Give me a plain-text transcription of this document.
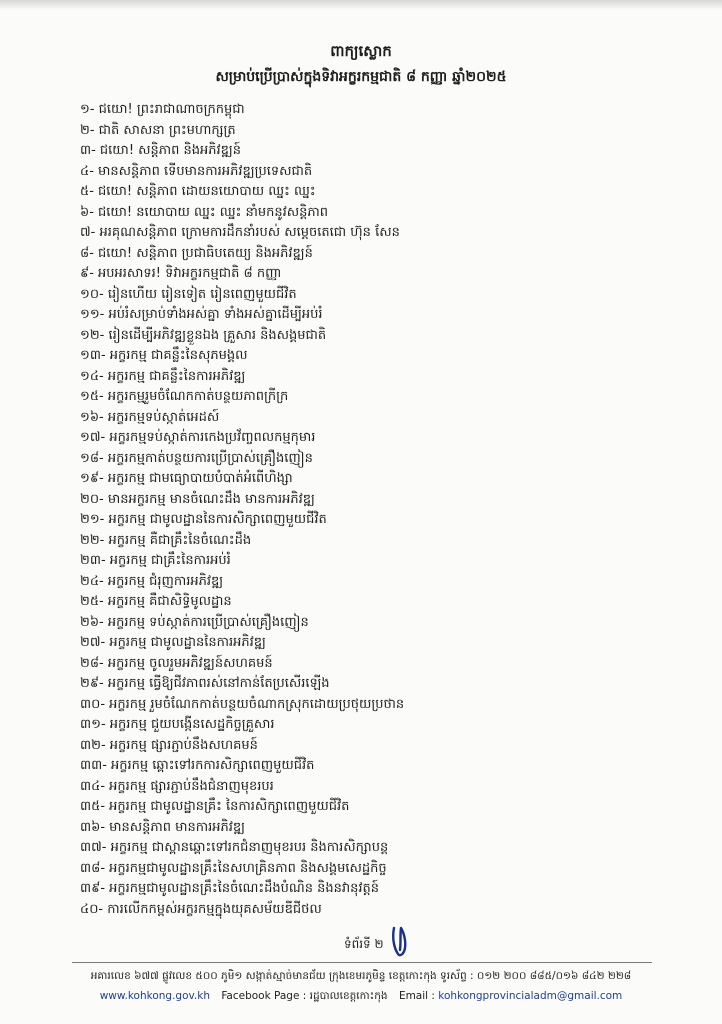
ពាក្យស្លោក
សម្រាប់ប្រើប្រាស់ក្នុងទិវាអក្ខរកម្មជាតិ ៨ កញ្ញា ឆ្នាំ២០២៥
១- ជយោ! ព្រះរាជាណាចក្រកម្ពុជា
២- ជាតិ សាសនា ព្រះមហាក្សត្រ
៣- ជយោ! សន្តិភាព និងអភិវឌ្ឍន៍
៤- មានសន្តិភាព ទើបមានការអភិវឌ្ឍប្រទេសជាតិ
៥- ជយោ! សន្តិភាព ដោយនយោបាយ ឈ្នះ ឈ្នះ
៦- ជយោ! នយោបាយ ឈ្នះ ឈ្នះ នាំមកនូវសន្តិភាព
៧- អរគុណសន្តិភាព ក្រោមការដឹកនាំរបស់ សម្តេចតេជោ ហ៊ុន សែន
៨- ជយោ! សន្តិភាព ប្រជាធិបតេយ្យ និងអភិវឌ្ឍន៍
៩- អបអរសាទរ! ទិវាអក្ខរកម្មជាតិ ៨ កញ្ញា
១០- រៀនហើយ រៀនទៀត រៀនពេញមួយជីវិត
១១- អប់រំសម្រាប់ទាំងអស់គ្នា ទាំងអស់គ្នាដើម្បីអប់រំ
១២- រៀនដើម្បីអភិវឌ្ឍខ្លួនឯង គ្រួសារ និងសង្គមជាតិ
១៣- អក្ខរកម្ម ជាគន្លឹះនៃសុភមង្គល
១៤- អក្ខរកម្ម ជាគន្លឹះនៃការអភិវឌ្ឍ
១៥- អក្ខរកម្មរួមចំណែកកាត់បន្ថយភាពក្រីក្រ
១៦- អក្ខរកម្មទប់ស្កាត់អេដស៍
១៧- អក្ខរកម្មទប់ស្កាត់ការកេងប្រវ័ញ្ចពលកម្មកុមារ
១៨- អក្ខរកម្មកាត់បន្ថយការប្រើប្រាស់គ្រឿងញៀន
១៩- អក្ខរកម្ម ជាមធ្យោបាយបំបាត់អំពើហិង្សា
២០- មានអក្ខរកម្ម មានចំណេះដឹង មានការអភិវឌ្ឍ
២១- អក្ខរកម្ម ជាមូលដ្ឋាននៃការសិក្សាពេញមួយជីវិត
២២- អក្ខរកម្ម គឺជាគ្រឹះនៃចំណេះដឹង
២៣- អក្ខរកម្ម ជាគ្រឹះនៃការអប់រំ
២៤- អក្ខរកម្ម ជំរុញការអភិវឌ្ឍ
២៥- អក្ខរកម្ម គឺជាសិទ្ធិមូលដ្ឋាន
២៦- អក្ខរកម្ម ទប់ស្កាត់ការប្រើប្រាស់គ្រឿងញៀន
២៧- អក្ខរកម្ម ជាមូលដ្ឋាននៃការអភិវឌ្ឍ
២៨- អក្ខរកម្ម ចូលរួមអភិវឌ្ឍន៍សហគមន៍
២៩- អក្ខរកម្ម ធ្វើឱ្យជីវភាពរស់នៅកាន់តែប្រសើរឡើង
៣០- អក្ខរកម្ម រួមចំណែកកាត់បន្ថយចំណាកស្រុកដោយប្រថុយប្រថាន
៣១- អក្ខរកម្ម ជួយបង្កើនសេដ្ឋកិច្ចគ្រួសារ
៣២- អក្ខរកម្ម ផ្សារភ្ជាប់នឹងសហគមន៍
៣៣- អក្ខរកម្ម ឆ្ពោះទៅរកការសិក្សាពេញមួយជីវិត
៣៤- អក្ខរកម្ម ផ្សារភ្ជាប់នឹងជំនាញមុខរបរ
៣៥- អក្ខរកម្ម ជាមូលដ្ឋានគ្រឹះ នៃការសិក្សាពេញមួយជីវិត
៣៦- មានសន្តិភាព មានការអភិវឌ្ឍ
៣៧- អក្ខរកម្ម ជាស្ពានឆ្ពោះទៅរកជំនាញមុខរបរ និងការសិក្សាបន្ត
៣៨- អក្ខរកម្មជាមូលដ្ឋានគ្រឹះនៃសហគ្រិនភាព និងសង្គមសេដ្ឋកិច្ច
៣៩- អក្ខរកម្មជាមូលដ្ឋានគ្រឹះនៃចំណេះដឹងបំណិន និងនវានុវត្តន៍
៤០- ការលើកកម្ពស់អក្ខរកម្មក្នុងយុគសម័យឌីជីថល
ទំព័រទី ២
អគារលេខ ៦៧៧ ផ្លូវលេខ ៥០០ ភូមិ១ សង្កាត់ស្មាច់មានជ័យ ក្រុងខេមរភូមិន្ទ ខេត្តកោះកុង ទូរស័ព្ទ : ០១២ ២០០ ៨៨៥/០១៦ ៨៤២ ២២៨
www.kohkong.gov.kh Facebook Page : រដ្ឋបាលខេត្តកោះកុង Email : kohkongprovincialadm@gmail.com
